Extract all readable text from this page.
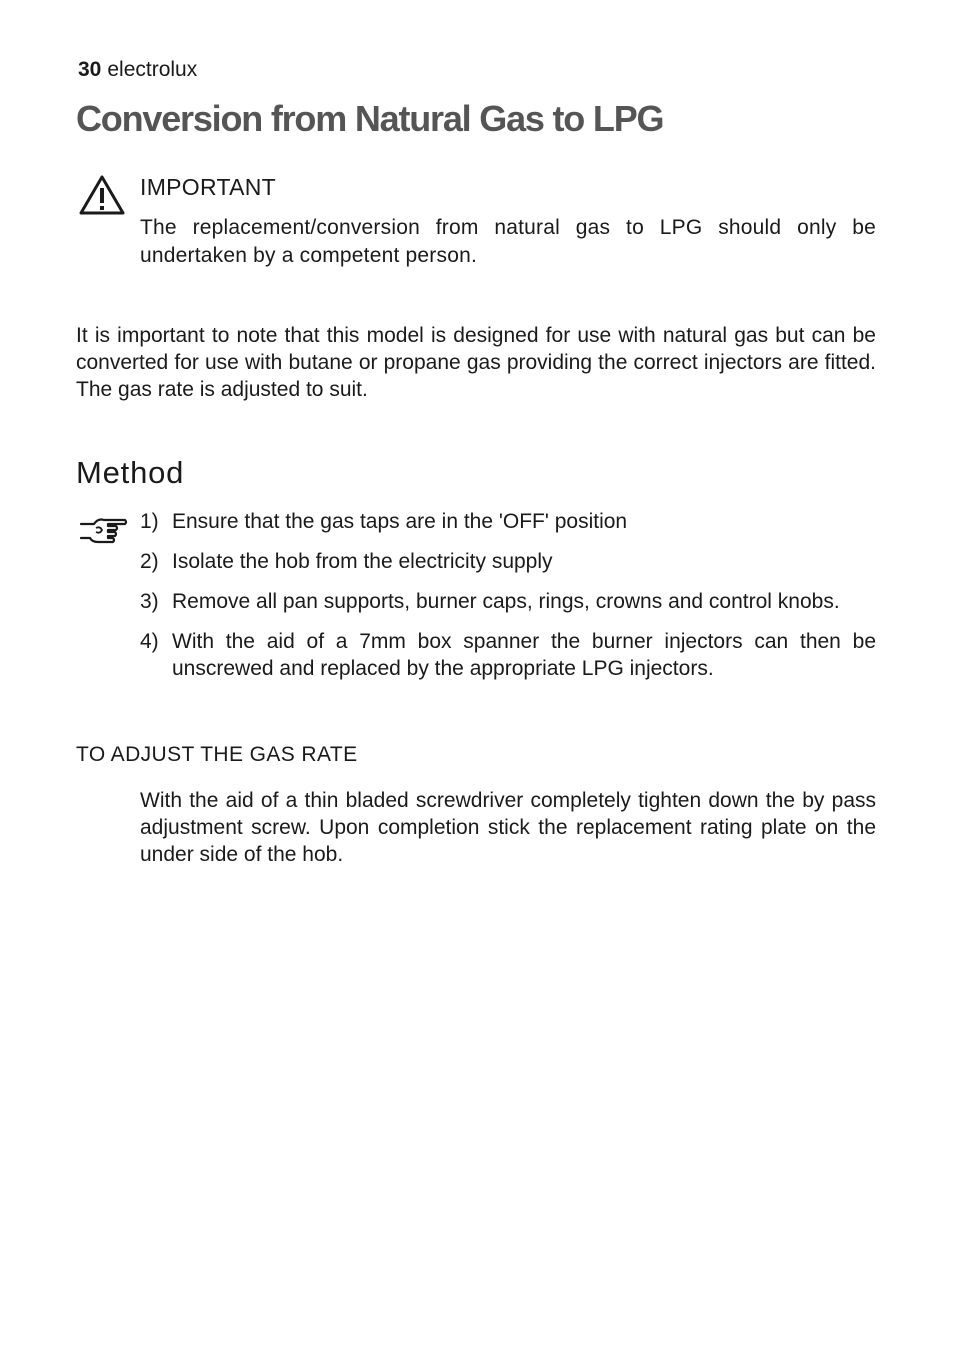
30 electrolux
Conversion from Natural Gas to LPG
IMPORTANT

The replacement/conversion from natural gas to LPG should only be undertaken by a competent person.

It is important to note that this model is designed for use with natural gas but can be converted for use with butane or propane gas providing the correct injectors are fitted. The gas rate is adjusted to suit.

Method
1) Ensure that the gas taps are in the 'OFF' position
2) Isolate the hob from the electricity supply
3) Remove all pan supports, burner caps, rings, crowns and control knobs.
4) With the aid of a 7mm box spanner the burner injectors can then be unscrewed and replaced by the appropriate LPG injectors.
TO ADJUST THE GAS RATE

With the aid of a thin bladed screwdriver completely tighten down the by pass adjustment screw. Upon completion stick the replacement rating plate on the under side of the hob.
